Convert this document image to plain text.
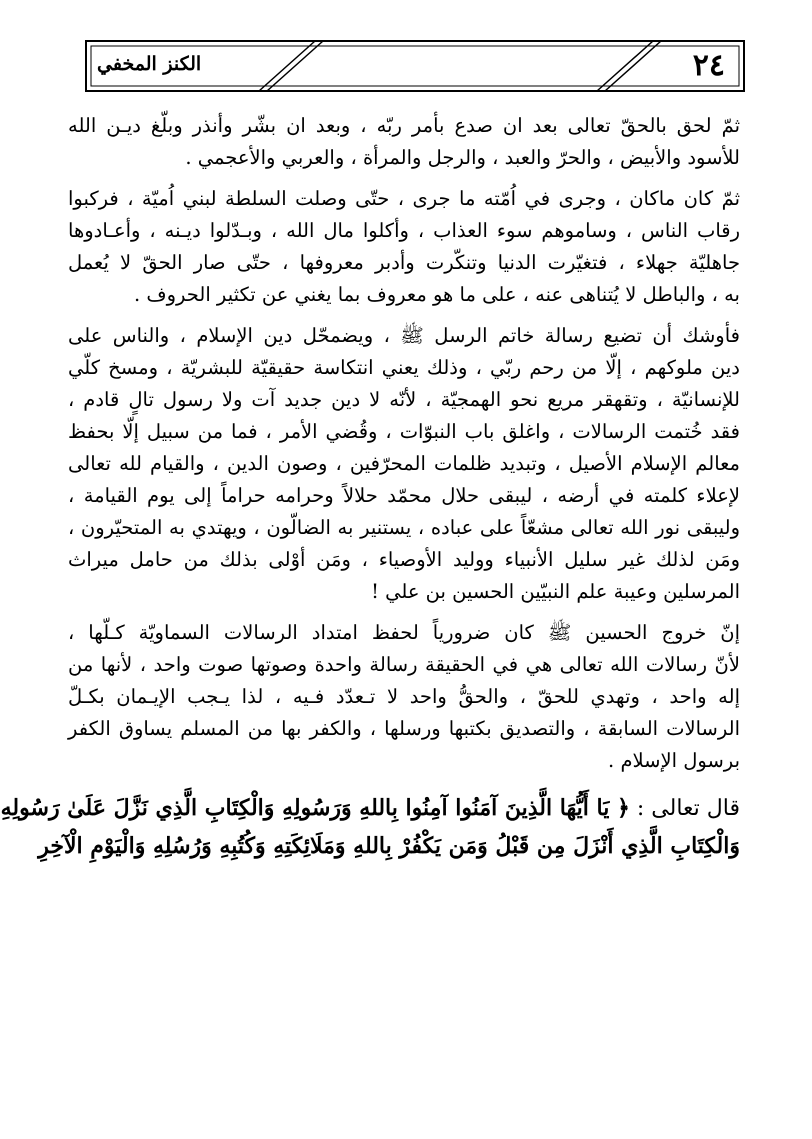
٢٤
الكنز المخفي
ثمّ لحق بالحقّ تعالى بعد ان صدع بأمر ربّه ، وبعد ان بشّر وأنذر وبلّغ ديـن الله
للأسود والأبيض ، والحرّ والعبد ، والرجل والمرأة ، والعربي والأعجمي .
ثمّ كان ماكان ، وجرى في اُمّته ما جرى ، حتّى وصلت السلطة لبني اُميّة ، فركبوا
رقاب الناس ، وساموهم سوء العذاب ، وأكلوا مال الله ، وبـدّلوا ديـنه ، وأعـادوها
جاهليّة جهلاء ، فتغيّرت الدنيا وتنكّرت وأدبر معروفها ، حتّى صار الحقّ لا يُعمل
به ، والباطل لا يُتناهى عنه ، على ما هو معروف بما يغني عن تكثير الحروف .
فأوشك أن تضيع رسالة خاتم الرسل ﷺ ، ويضمحّل دين الإسلام ، والناس على
دين ملوكهم ، إلّا من رحم ربّي ، وذلك يعني انتكاسة حقيقيّة للبشريّة ، ومسخ كلّي
للإنسانيّة ، وتقهقر مريع نحو الهمجيّة ، لأنّه لا دين جديد آت ولا رسول تالٍ قادم ،
فقد خُتمت الرسالات ، واغلق باب النبوّات ، وقُضي الأمر ، فما من سبيل إلّا بحفظ
معالم الإسلام الأصيل ، وتبديد ظلمات المحرّفين ، وصون الدين ، والقيام لله تعالى
لإعلاء كلمته في أرضه ، ليبقى حلال محمّد حلالاً وحرامه حراماً إلى يوم القيامة ،
وليبقى نور الله تعالى مشعّاً على عباده ، يستنير به الضالّون ، ويهتدي به المتحيّرون ،
ومَن لذلك غير سليل الأنبياء ووليد الأوصياء ، ومَن أوْلى بذلك من حامل ميراث
المرسلين وعيبة علم النبيّين الحسين بن علي !
إنّ خروج الحسين ﷺ كان ضرورياً لحفظ امتداد الرسالات السماويّة كـلّها ،
لأنّ رسالات الله تعالى هي في الحقيقة رسالة واحدة وصوتها صوت واحد ، لأنها من
إله واحد ، وتهدي للحقّ ، والحقُّ واحد لا تـعدّد فـيه ، لذا يـجب الإيـمان بكـلّ
الرسالات السابقة ، والتصديق بكتبها ورسلها ، والكفر بها من المسلم يساوق الكفر
برسول الإسلام .
قال تعالى : ﴿ يَا أَيُّهَا الَّذِينَ آمَنُوا آمِنُوا بِاللهِ وَرَسُولِهِ وَالْكِتَابِ الَّذِي نَزَّلَ عَلَىٰ رَسُولِهِ
وَالْكِتَابِ الَّذِي أَنْزَلَ مِن قَبْلُ وَمَن يَكْفُرْ بِاللهِ وَمَلَائِكَتِهِ وَكُتُبِهِ وَرُسُلِهِ وَالْيَوْمِ الْآخِرِ
